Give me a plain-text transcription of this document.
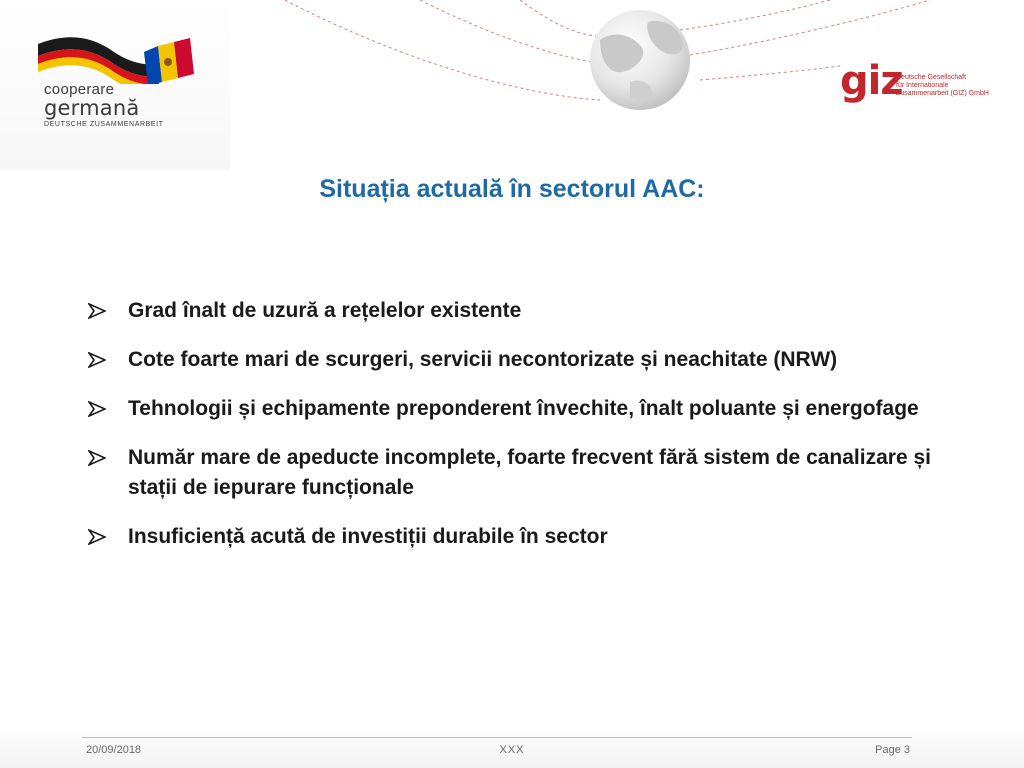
cooperare
germană
DEUTSCHE ZUSAMMENARBEIT
giz
Deutsche Gesellschaft
für Internationale
Zusammenarbeit (GIZ) GmbH
Situația actuală în sectorul AAC:
Grad înalt de uzură a rețelelor existente
Cote foarte mari de scurgeri, servicii necontorizate și neachitate (NRW)
Tehnologii și echipamente preponderent învechite, înalt poluante și energofage
Număr mare de apeducte incomplete, foarte frecvent fără sistem de canalizare și stații de iepurare funcționale
Insuficiență acută de investiții durabile în sector
20/09/2018	XXX	Page 3
